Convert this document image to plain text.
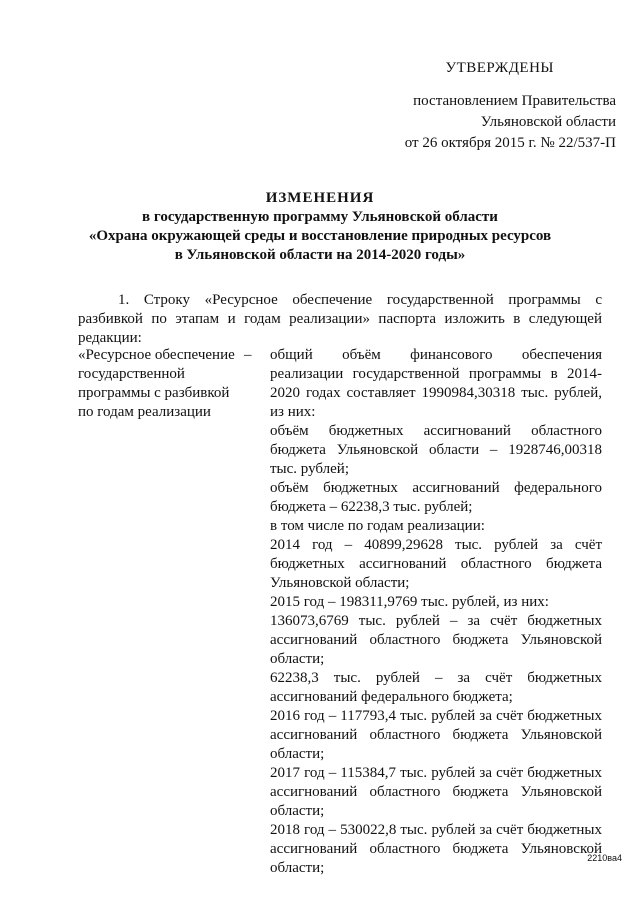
УТВЕРЖДЕНЫ
постановлением Правительства
Ульяновской области
от 26 октября 2015 г. № 22/537-П
ИЗМЕНЕНИЯ
в государственную программу Ульяновской области
«Охрана окружающей среды и восстановление природных ресурсов
в Ульяновской области на 2014-2020 годы»
1. Строку «Ресурсное обеспечение государственной программы с разбивкой по этапам и годам реализации» паспорта изложить в следующей редакции:
«Ресурсное обеспечение государственной программы с разбивкой по годам реализации
– общий объём финансового обеспечения реализации государственной программы в 2014-2020 годах составляет 1990984,30318 тыс. рублей, из них:

объём бюджетных ассигнований областного бюджета Ульяновской области – 1928746,00318 тыс. рублей;

объём бюджетных ассигнований федерального бюджета – 62238,3 тыс. рублей;

в том числе по годам реализации:

2014 год – 40899,29628 тыс. рублей за счёт бюджетных ассигнований областного бюджета Ульяновской области;

2015 год – 198311,9769 тыс. рублей, из них:

136073,6769 тыс. рублей – за счёт бюджетных ассигнований областного бюджета Ульяновской области;

62238,3 тыс. рублей – за счёт бюджетных ассигнований федерального бюджета;

2016 год – 117793,4 тыс. рублей за счёт бюджетных ассигнований областного бюджета Ульяновской области;

2017 год – 115384,7 тыс. рублей за счёт бюджетных ассигнований областного бюджета Ульяновской области;

2018 год – 530022,8 тыс. рублей за счёт бюджетных ассигнований областного бюджета Ульяновской области;

2210ва4
